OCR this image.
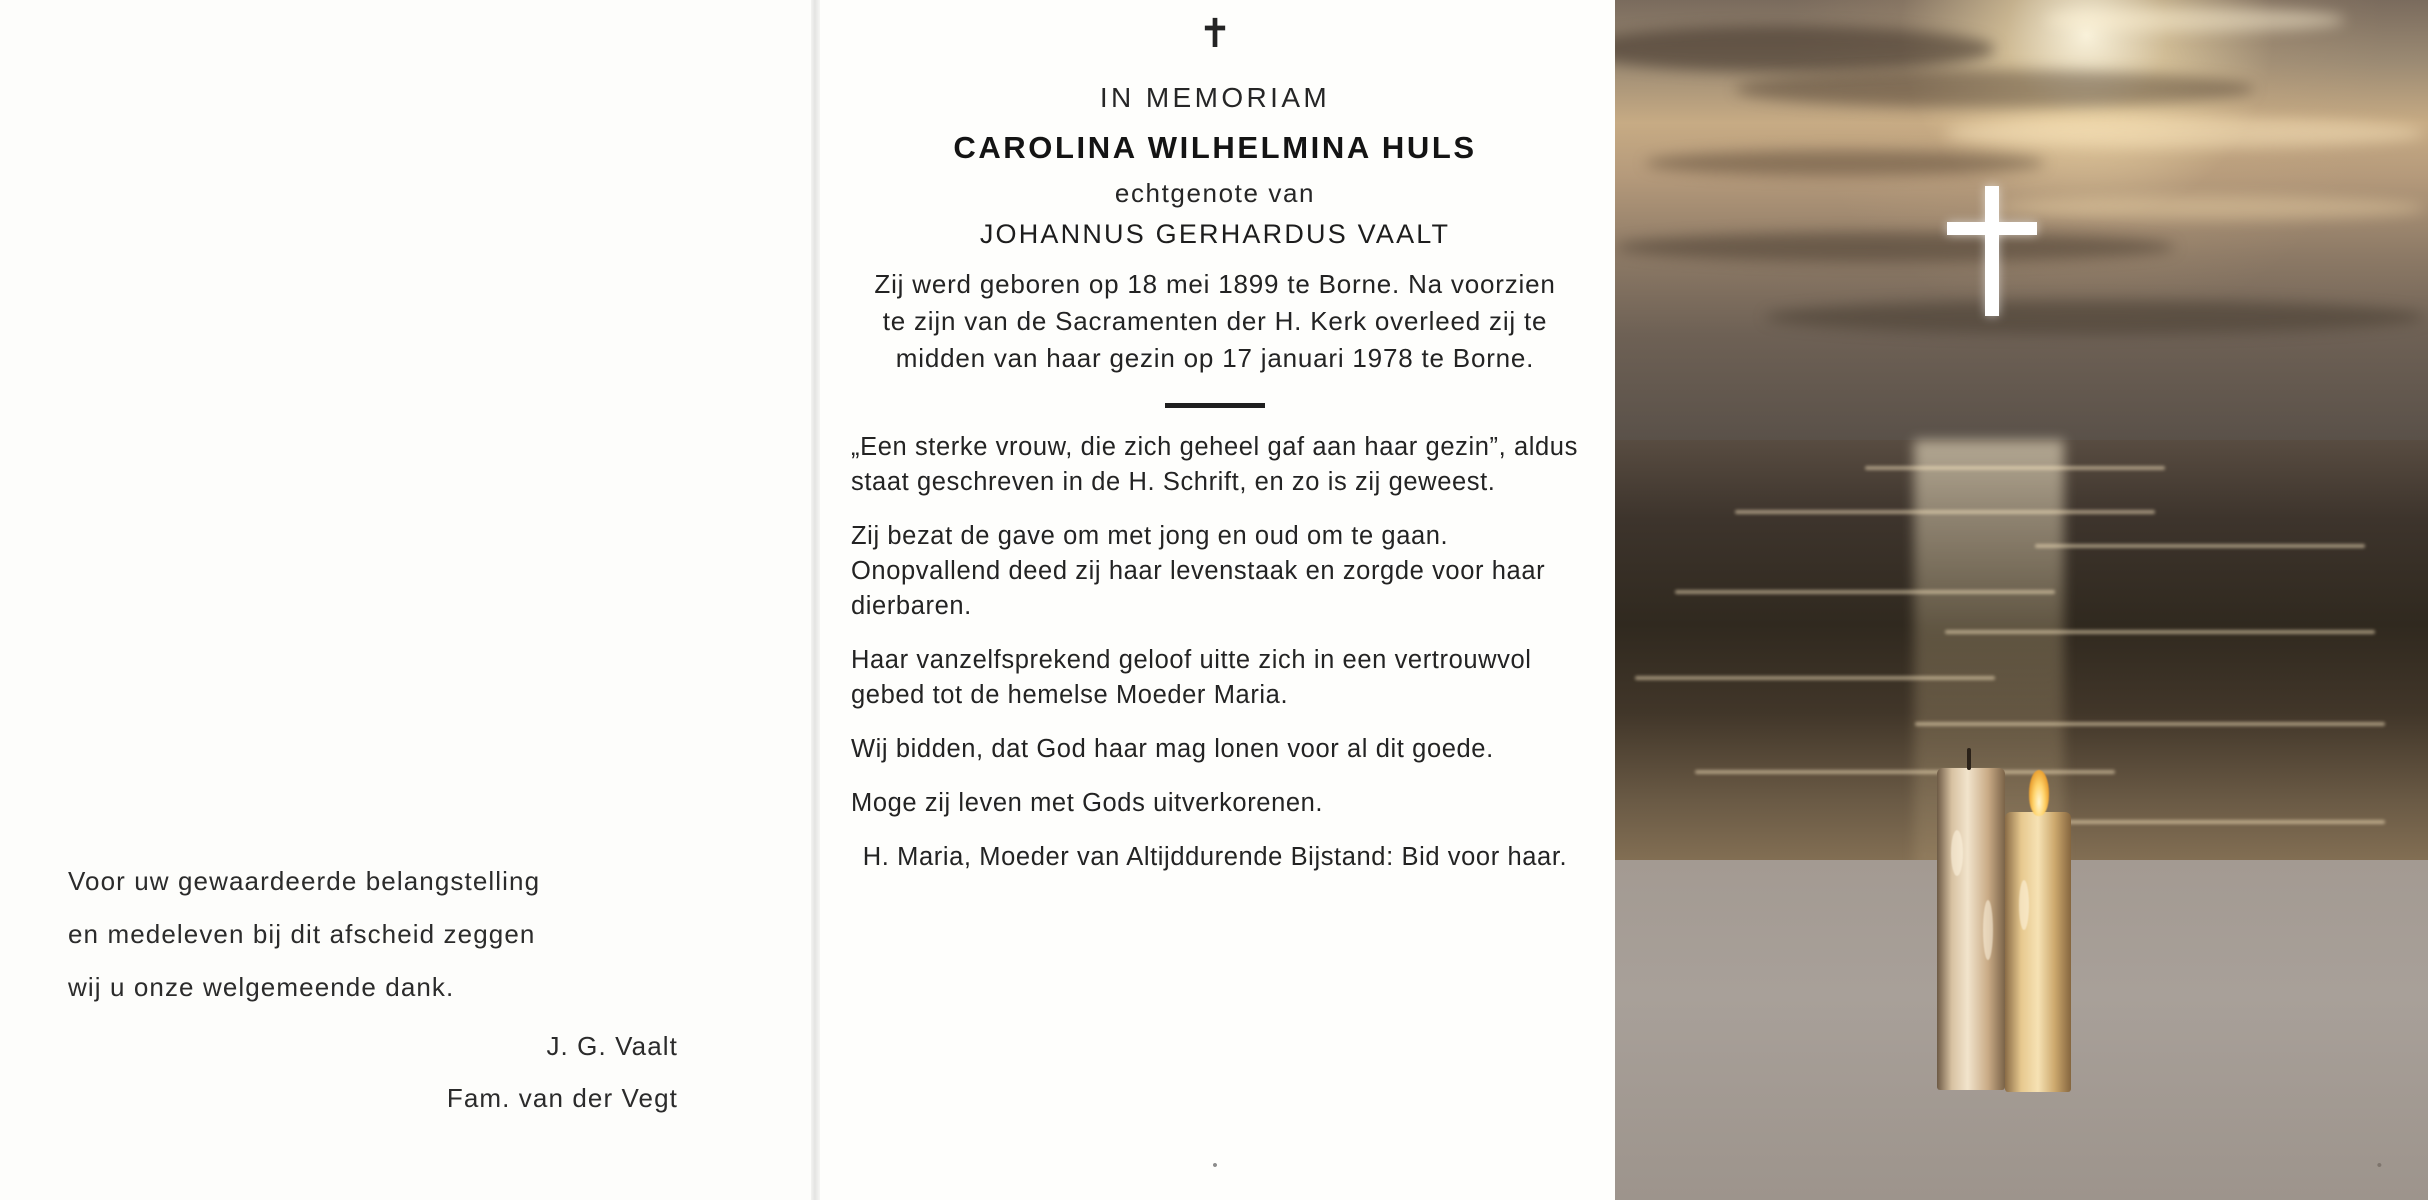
Voor uw gewaardeerde belangstelling
en medeleven bij dit afscheid zeggen
wij u onze welgemeende dank.
J. G. Vaalt
Fam. van der Vegt
✝
IN MEMORIAM
CAROLINA WILHELMINA HULS
echtgenote van
JOHANNUS GERHARDUS VAALT
Zij werd geboren op 18 mei 1899 te Borne. Na voorzien te zijn van de Sacramenten der H. Kerk overleed zij te midden van haar gezin op 17 januari 1978 te Borne.

„Een sterke vrouw, die zich geheel gaf aan haar gezin”, aldus staat geschreven in de H. Schrift, en zo is zij geweest.

Zij bezat de gave om met jong en oud om te gaan. Onopvallend deed zij haar levenstaak en zorgde voor haar dierbaren.

Haar vanzelfsprekend geloof uitte zich in een vertrouwvol gebed tot de hemelse Moeder Maria.

Wij bidden, dat God haar mag lonen voor al dit goede.

Moge zij leven met Gods uitverkorenen.

H. Maria, Moeder van Altijddurende Bijstand: Bid voor haar.

•	•
